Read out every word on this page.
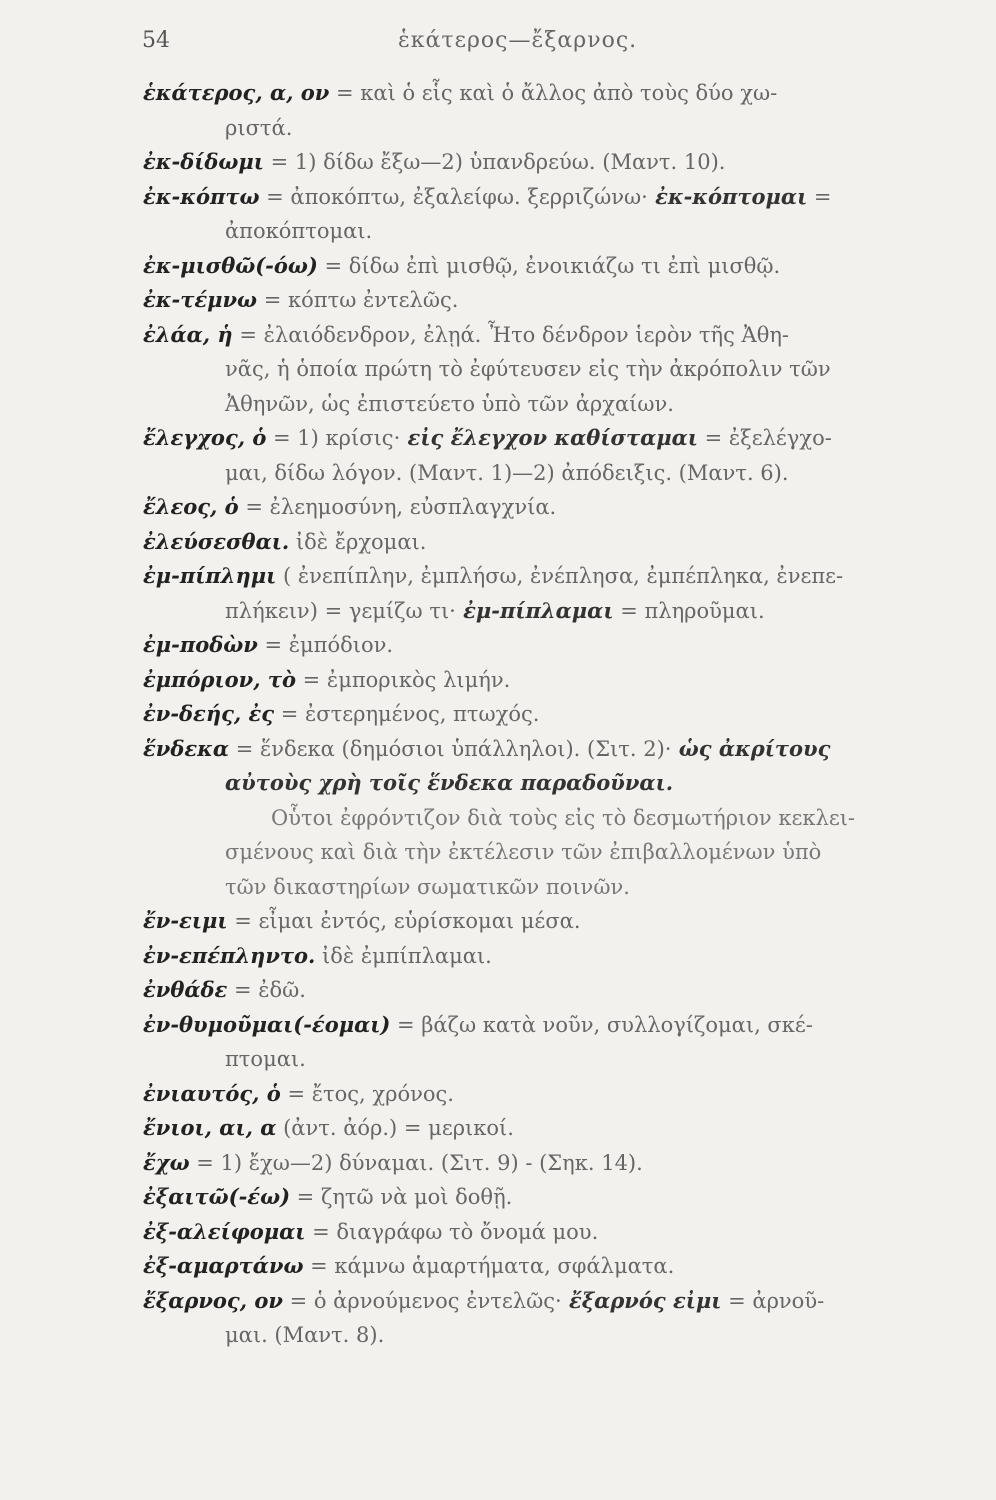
54	ἑκάτερος—ἔξαρνος.

ἑκάτερος, α, ον = καὶ ὁ εἷς καὶ ὁ ἄλλος ἀπὸ τοὺς δύο χω-
ριστά.

ἐκ-δίδωμι = 1) δίδω ἔξω—2) ὑπανδρεύω. (Μαντ. 10).

ἐκ-κόπτω = ἀποκόπτω, ἐξαλείφω. ξερριζώνω· ἐκ-κόπτομαι =
ἀποκόπτομαι.

ἐκ-μισθῶ(-όω) = δίδω ἐπὶ μισθῷ, ἐνοικιάζω τι ἐπὶ μισθῷ.

ἐκ-τέμνω = κόπτω ἐντελῶς.

ἐλάα, ἡ = ἐλαιόδενδρον, ἐλῃά. Ἦτο δένδρον ἱερὸν τῆς Ἀθη-
νᾶς, ἡ ὁποία πρώτη τὸ ἐφύτευσεν εἰς τὴν ἀκρόπολιν τῶν
Ἀθηνῶν, ὡς ἐπιστεύετο ὑπὸ τῶν ἀρχαίων.

ἔλεγχος, ὁ = 1) κρίσις· εἰς ἔλεγχον καθίσταμαι = ἐξελέγχο-
μαι, δίδω λόγον. (Μαντ. 1)—2) ἀπόδειξις. (Μαντ. 6).

ἔλεος, ὁ = ἐλεημοσύνη, εὐσπλαγχνία.

ἐλεύσεσθαι. ἰδὲ ἔρχομαι.

ἐμ-πίπλημι ( ἐνεπίπλην, ἐμπλήσω, ἐνέπλησα, ἐμπέπληκα, ἐνεπε-
πλήκειν) = γεμίζω τι· ἐμ-πίπλαμαι = πληροῦμαι.

ἐμ-ποδὼν = ἐμπόδιον.

ἐμπόριον, τὸ = ἐμπορικὸς λιμήν.

ἐν-δεής, ἐς = ἐστερημένος, πτωχός.

ἕνδεκα = ἕνδεκα (δημόσιοι ὑπάλληλοι). (Σιτ. 2)· ὡς ἀκρίτους
αὐτοὺς χρὴ τοῖς ἕνδεκα παραδοῦναι.

Οὗτοι ἐφρόντιζον διὰ τοὺς εἰς τὸ δεσμωτήριον κεκλει-
σμένους καὶ διὰ τὴν ἐκτέλεσιν τῶν ἐπιβαλλομένων ὑπὸ
τῶν δικαστηρίων σωματικῶν ποινῶν.

ἔν-ειμι = εἶμαι ἐντός, εὑρίσκομαι μέσα.

ἐν-επέπληντο. ἰδὲ ἐμπίπλαμαι.

ἐνθάδε = ἐδῶ.

ἐν-θυμοῦμαι(-έομαι) = βάζω κατὰ νοῦν, συλλογίζομαι, σκέ-
πτομαι.

ἐνιαυτός, ὁ = ἔτος, χρόνος.

ἔνιοι, αι, α (ἀντ. ἀόρ.) = μερικοί.

ἔχω = 1) ἔχω—2) δύναμαι. (Σιτ. 9) - (Σηκ. 14).

ἐξαιτῶ(-έω) = ζητῶ νὰ μοὶ δοθῇ.

ἐξ-αλείφομαι = διαγράφω τὸ ὄνομά μου.

ἐξ-αμαρτάνω = κάμνω ἁμαρτήματα, σφάλματα.

ἔξαρνος, ον = ὁ ἀρνούμενος ἐντελῶς· ἔξαρνός εἰμι = ἀρνοῦ-
μαι. (Μαντ. 8).
